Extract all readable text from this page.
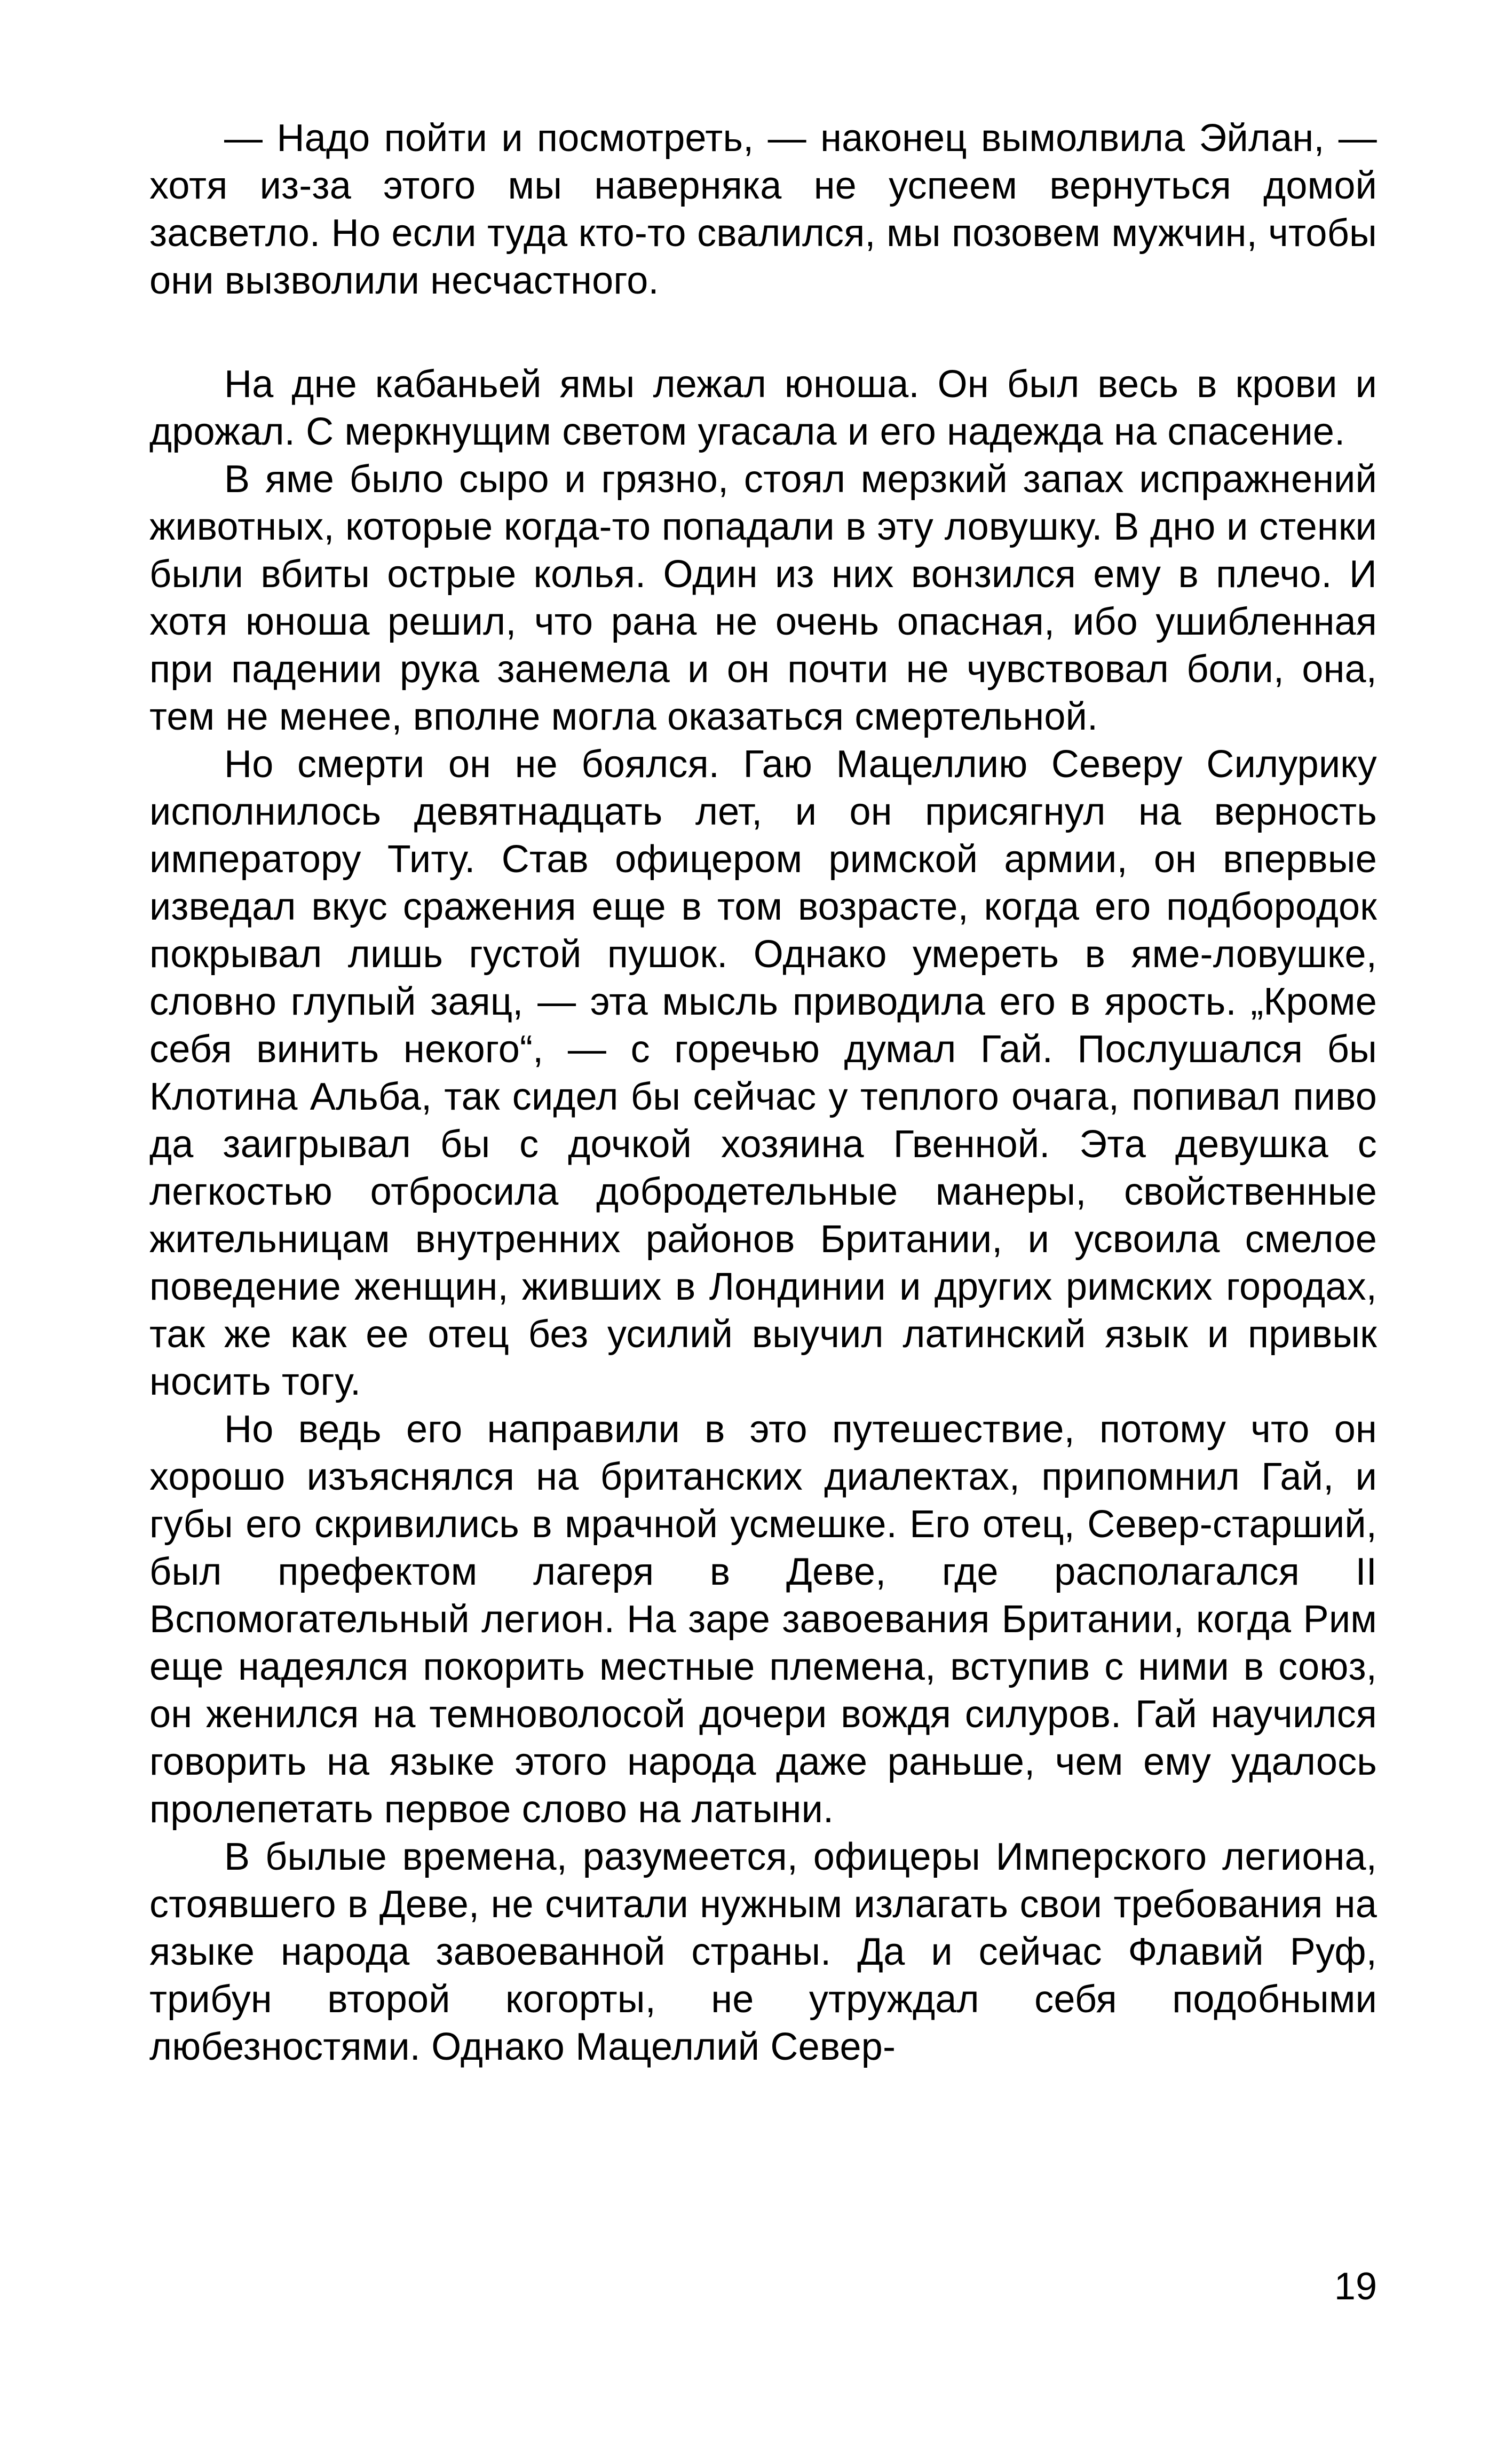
— Надо пойти и посмотреть, — наконец вымолвила Эйлан, — хотя из-за этого мы наверняка не успеем вернуться домой засветло. Но если туда кто-то свалился, мы позовем мужчин, чтобы они вызволили несчастного.

На дне кабаньей ямы лежал юноша. Он был весь в крови и дрожал. С меркнущим светом угасала и его надежда на спасение.

В яме было сыро и грязно, стоял мерзкий запах испражнений животных, которые когда-то попадали в эту ловушку. В дно и стенки были вбиты острые колья. Один из них вонзился ему в плечо. И хотя юноша решил, что рана не очень опасная, ибо ушибленная при падении рука занемела и он почти не чувствовал боли, она, тем не менее, вполне могла оказаться смертельной.

Но смерти он не боялся. Гаю Мацеллию Северу Силурику исполнилось девятнадцать лет, и он присягнул на верность императору Титу. Став офицером римской армии, он впервые изведал вкус сражения еще в том возрасте, когда его подбородок покрывал лишь густой пушок. Однако умереть в яме-ловушке, словно глупый заяц, — эта мысль приводила его в ярость. „Кроме себя винить некого“, — с горечью думал Гай. Послушался бы Клотина Альба, так сидел бы сейчас у теплого очага, попивал пиво да заигрывал бы с дочкой хозяина Гвенной. Эта девушка с легкостью отбросила добродетельные манеры, свойственные жительницам внутренних районов Британии, и усвоила смелое поведение женщин, живших в Лондинии и других римских городах, так же как ее отец без усилий выучил латинский язык и привык носить тогу.

Но ведь его направили в это путешествие, потому что он хорошо изъяснялся на британских диалектах, припомнил Гай, и губы его скривились в мрачной усмешке. Его отец, Север-старший, был префектом лагеря в Деве, где располагался II Вспомогательный легион. На заре завоевания Британии, когда Рим еще надеялся покорить местные племена, вступив с ними в союз, он женился на темноволосой дочери вождя силуров. Гай научился говорить на языке этого народа даже раньше, чем ему удалось пролепетать первое слово на латыни.

В былые времена, разумеется, офицеры Имперского легиона, стоявшего в Деве, не считали нужным излагать свои требования на языке народа завоеванной страны. Да и сейчас Флавий Руф, трибун второй когорты, не утруждал себя подобными любезностями. Однако Мацеллий Север-

19
